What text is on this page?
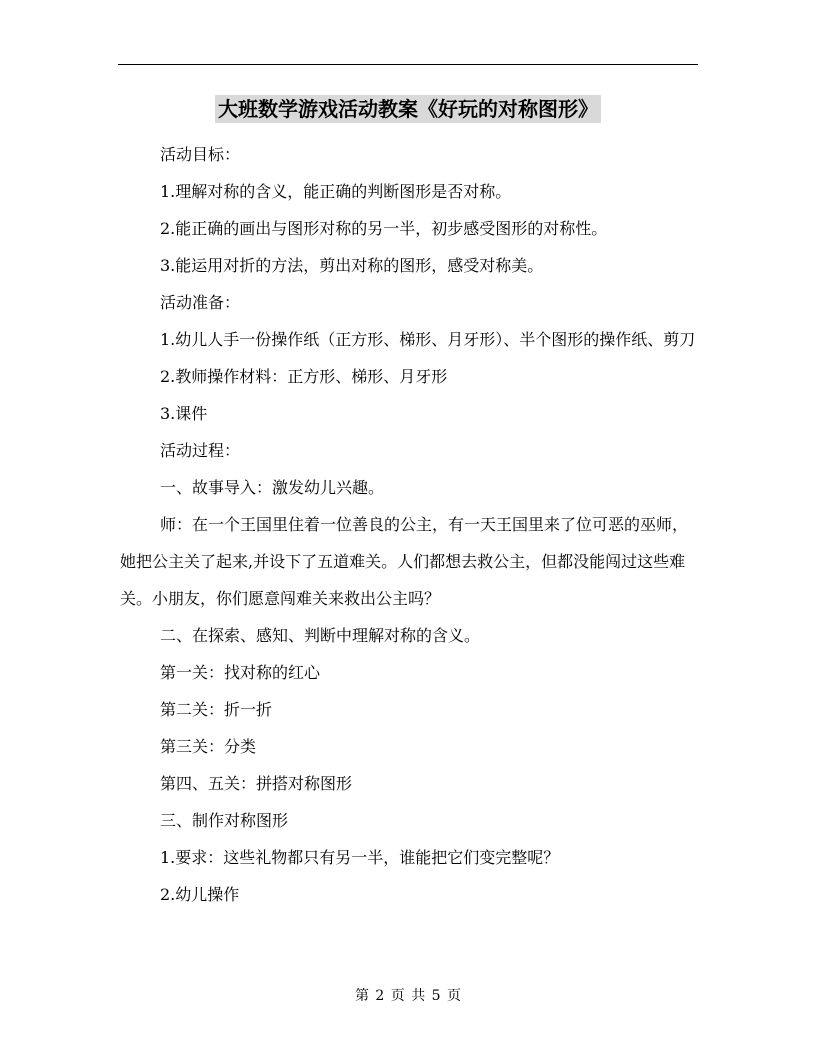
大班数学游戏活动教案《好玩的对称图形》

活动目标：

1.理解对称的含义，能正确的判断图形是否对称。

2.能正确的画出与图形对称的另一半，初步感受图形的对称性。

3.能运用对折的方法，剪出对称的图形，感受对称美。

活动准备：

1.幼儿人手一份操作纸（正方形、梯形、月牙形）、半个图形的操作纸、剪刀

2.教师操作材料：正方形、梯形、月牙形

3.课件

活动过程：

一、故事导入：激发幼儿兴趣。

师：在一个王国里住着一位善良的公主，有一天王国里来了位可恶的巫师，她把公主关了起来,并设下了五道难关。人们都想去救公主，但都没能闯过这些难关。小朋友，你们愿意闯难关来救出公主吗？

二、在探索、感知、判断中理解对称的含义。

第一关：找对称的红心

第二关：折一折

第三关：分类

第四、五关：拼搭对称图形

三、制作对称图形

1.要求：这些礼物都只有另一半，谁能把它们变完整呢？

2.幼儿操作

第 2 页 共 5 页
